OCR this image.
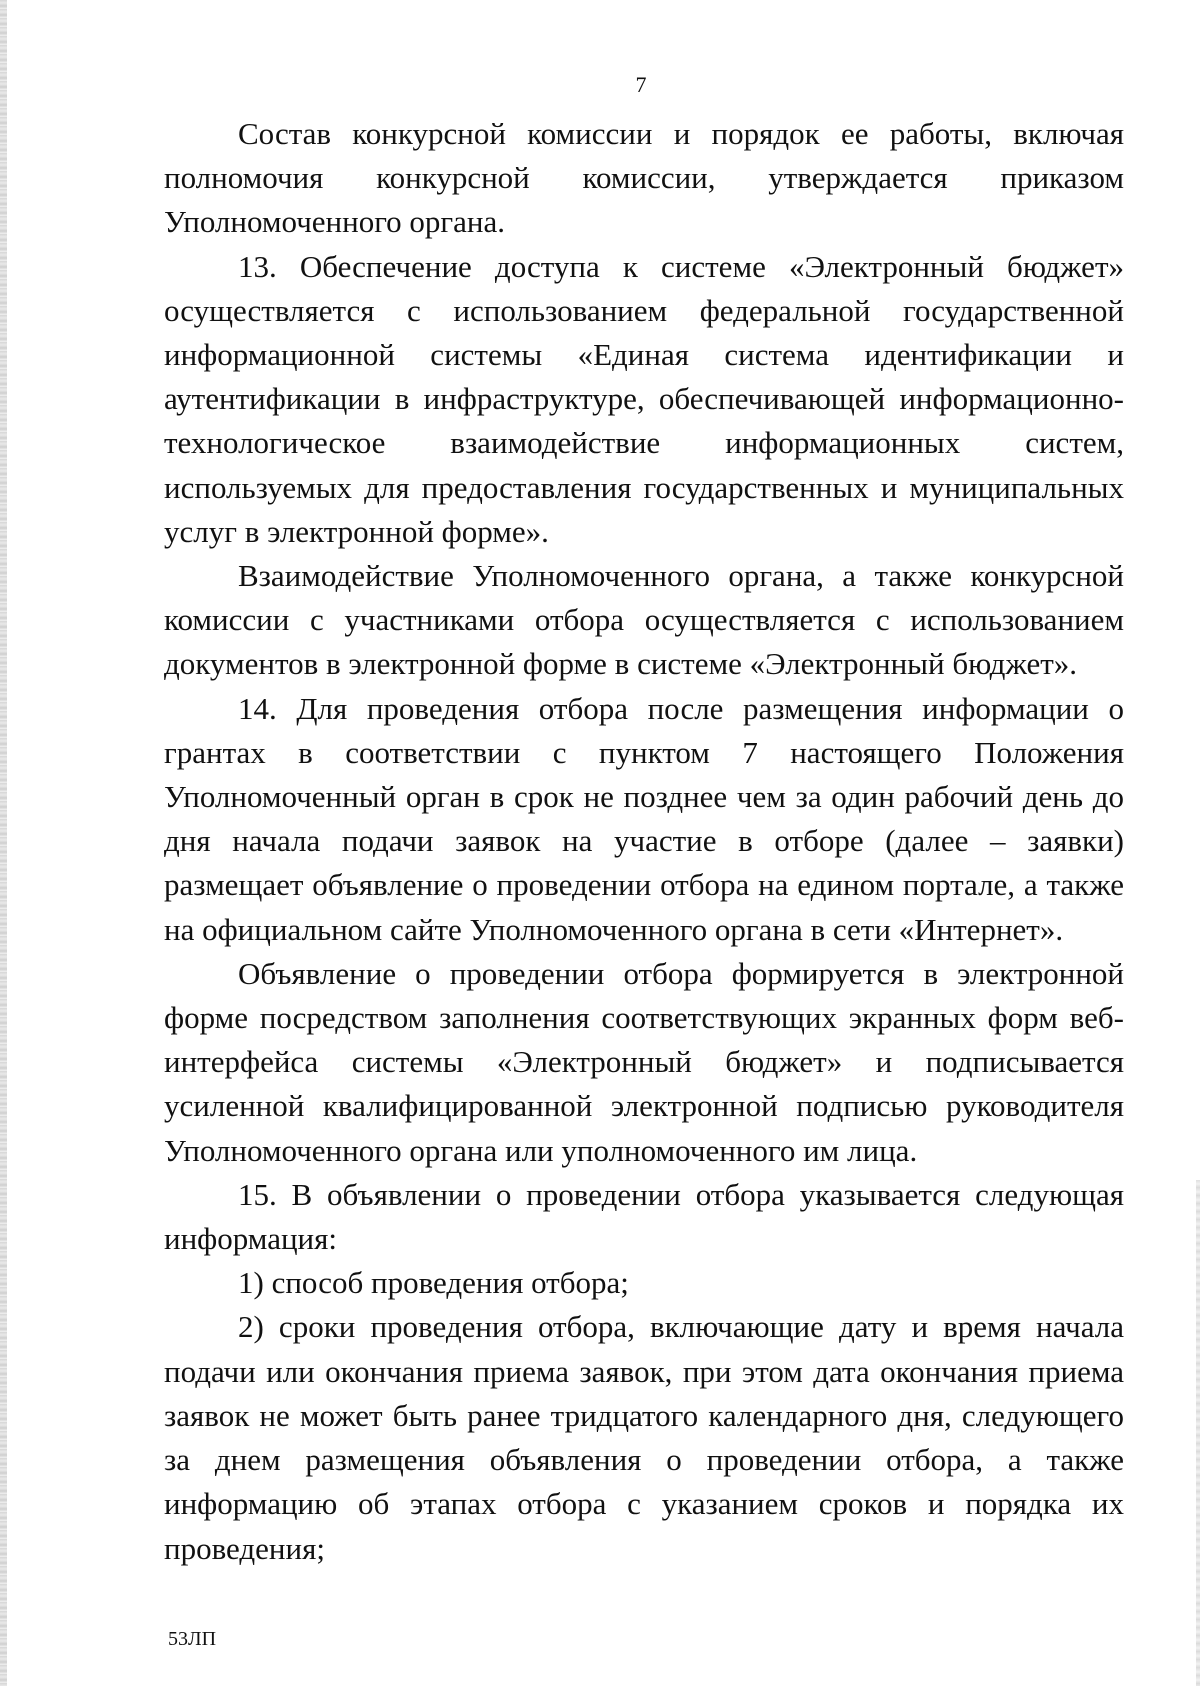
7

Состав конкурсной комиссии и порядок ее работы, включая полномочия конкурсной комиссии, утверждается приказом Уполномоченного органа.

13. Обеспечение доступа к системе «Электронный бюджет» осуществляется с использованием федеральной государственной информационной системы «Единая система идентификации и аутентификации в инфраструктуре, обеспечивающей информационно-технологическое взаимодействие информационных систем, используемых для предоставления государственных и муниципальных услуг в электронной форме».

Взаимодействие Уполномоченного органа, а также конкурсной комиссии с участниками отбора осуществляется с использованием документов в электронной форме в системе «Электронный бюджет».

14. Для проведения отбора после размещения информации о грантах в соответствии с пунктом 7 настоящего Положения Уполномоченный орган в срок не позднее чем за один рабочий день до дня начала подачи заявок на участие в отборе (далее – заявки) размещает объявление о проведении отбора на едином портале, а также на официальном сайте Уполномоченного органа в сети «Интернет».

Объявление о проведении отбора формируется в электронной форме посредством заполнения соответствующих экранных форм веб-интерфейса системы «Электронный бюджет» и подписывается усиленной квалифицированной электронной подписью руководителя Уполномоченного органа или уполномоченного им лица.

15. В объявлении о проведении отбора указывается следующая информация:

1) способ проведения отбора;

2) сроки проведения отбора, включающие дату и время начала подачи или окончания приема заявок, при этом дата окончания приема заявок не может быть ранее тридцатого календарного дня, следующего за днем размещения объявления о проведении отбора, а также информацию об этапах отбора с указанием сроков и порядка их проведения;

53ЛП
